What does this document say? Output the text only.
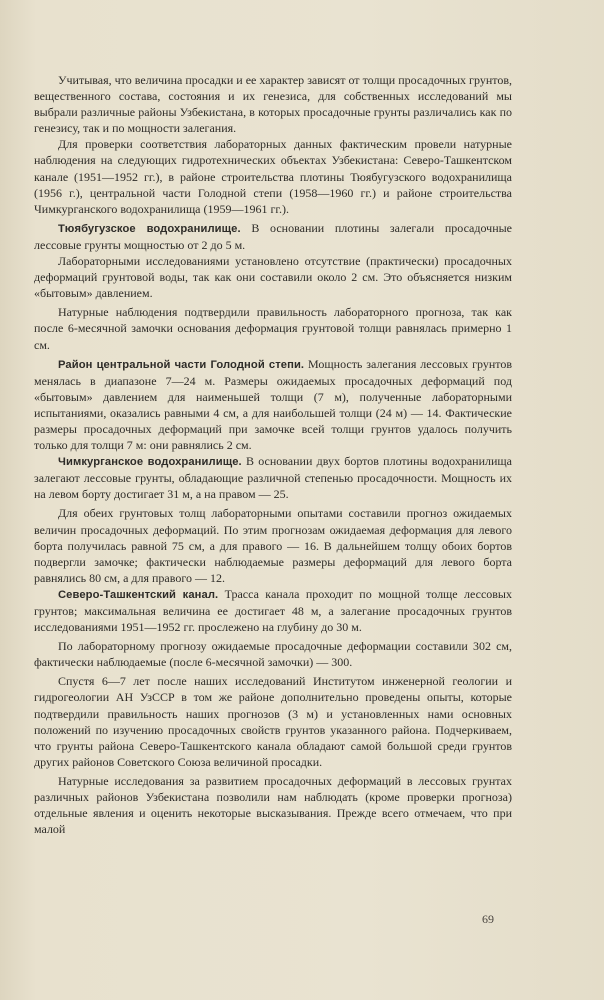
Учитывая, что величина просадки и ее характер зависят от толщи просадочных грунтов, вещественного состава, состояния и их генезиса, для собственных исследований мы выбрали различные районы Узбекистана, в которых просадочные грунты различались как по генезису, так и по мощности залегания.

Для проверки соответствия лабораторных данных фактическим провели натурные наблюдения на следующих гидротехнических объектах Узбекистана: Северо-Ташкентском канале (1951—1952 гг.), в районе строительства плотины Тюябугузского водохранилища (1956 г.), центральной части Голодной степи (1958—1960 гг.) и районе строительства Чимкурганского водохранилища (1959—1961 гг.).

Тюябугузское водохранилище. В основании плотины залегали просадочные лессовые грунты мощностью от 2 до 5 м.

Лабораторными исследованиями установлено отсутствие (практически) просадочных деформаций грунтовой воды, так как они составили около 2 см. Это объясняется низким «бытовым» давлением.

Натурные наблюдения подтвердили правильность лабораторного прогноза, так как после 6-месячной замочки основания деформация грунтовой толщи равнялась примерно 1 см.

Район центральной части Голодной степи. Мощность залегания лессовых грунтов менялась в диапазоне 7—24 м. Размеры ожидаемых просадочных деформаций под «бытовым» давлением для наименьшей толщи (7 м), полученные лабораторными испытаниями, оказались равными 4 см, а для наибольшей толщи (24 м) — 14. Фактические размеры просадочных деформаций при замочке всей толщи грунтов удалось получить только для толщи 7 м: они равнялись 2 см.

Чимкурганское водохранилище. В основании двух бортов плотины водохранилища залегают лессовые грунты, обладающие различной степенью просадочности. Мощность их на левом борту достигает 31 м, а на правом — 25.

Для обеих грунтовых толщ лабораторными опытами составили прогноз ожидаемых величин просадочных деформаций. По этим прогнозам ожидаемая деформация для левого борта получилась равной 75 см, а для правого — 16. В дальнейшем толщу обоих бортов подвергли замочке; фактически наблюдаемые размеры деформаций для левого борта равнялись 80 см, а для правого — 12.

Северо-Ташкентский канал. Трасса канала проходит по мощной толще лессовых грунтов; максимальная величина ее достигает 48 м, а залегание просадочных грунтов исследованиями 1951—1952 гг. прослежено на глубину до 30 м.

По лабораторному прогнозу ожидаемые просадочные деформации составили 302 см, фактически наблюдаемые (после 6-месячной замочки) — 300.

Спустя 6—7 лет после наших исследований Институтом инженерной геологии и гидрогеологии АН УзССР в том же районе дополнительно проведены опыты, которые подтвердили правильность наших прогнозов (3 м) и установленных нами основных положений по изучению просадочных свойств грунтов указанного района. Подчеркиваем, что грунты района Северо-Ташкентского канала обладают самой большой среди грунтов других районов Советского Союза величиной просадки.

Натурные исследования за развитием просадочных деформаций в лессовых грунтах различных районов Узбекистана позволили нам наблюдать (кроме проверки прогноза) отдельные явления и оценить некоторые высказывания. Прежде всего отмечаем, что при малой

69
